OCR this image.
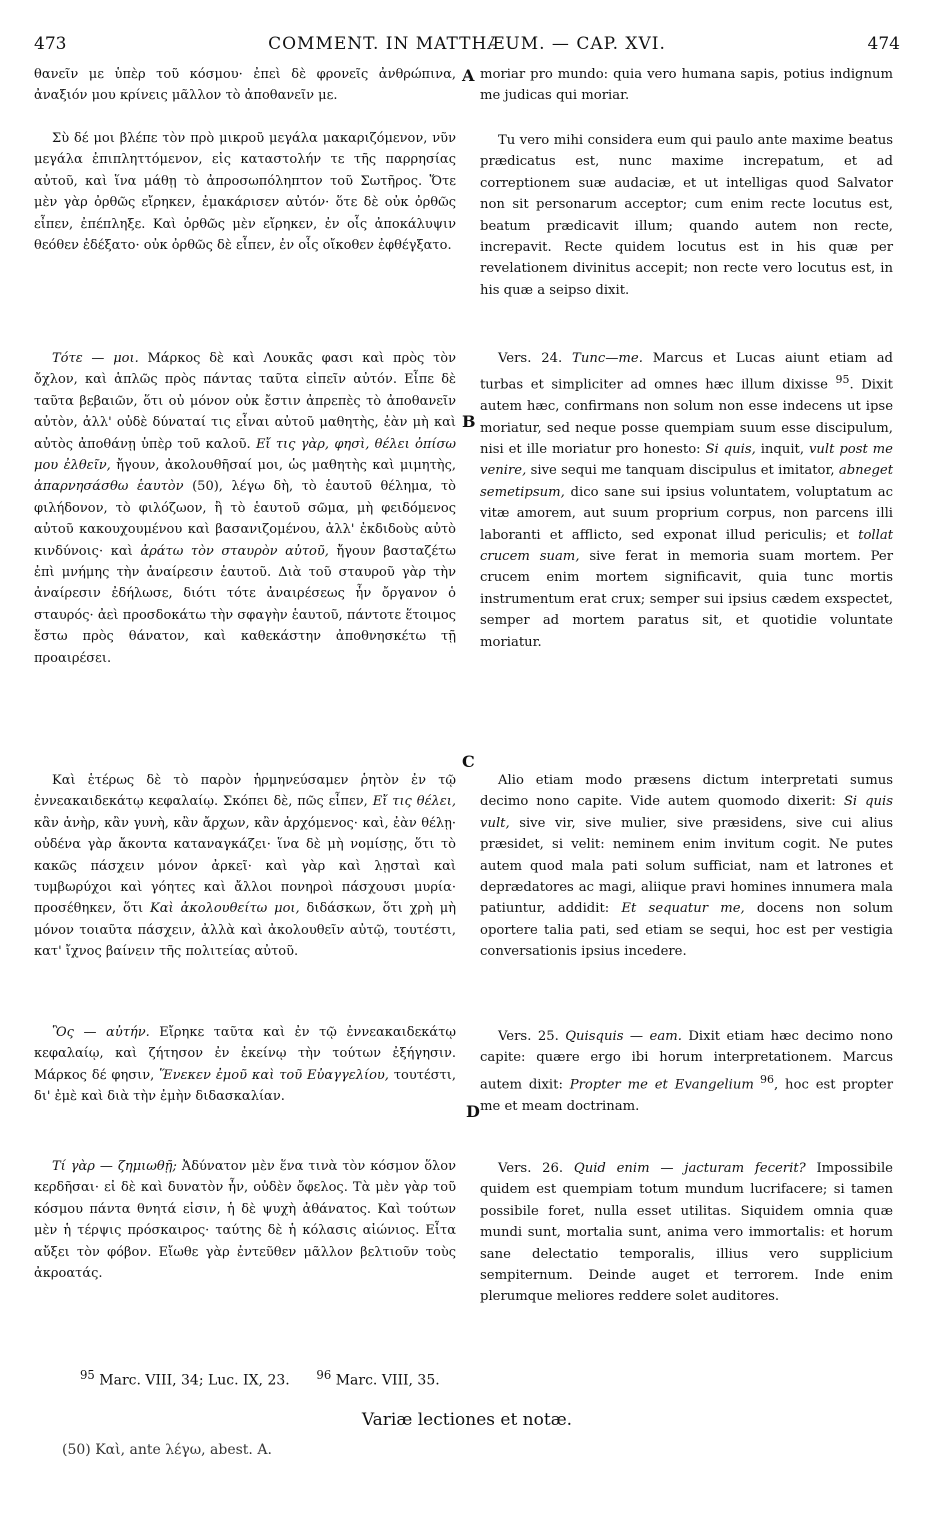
473	COMMENT. IN MATTHÆUM. — CAP. XVI.	474

θανεῖν με ὑπὲρ τοῦ κόσμου· ἐπεὶ δὲ φρονεῖς ἀνθρώπινα, ἀναξιόν μου κρίνεις μᾶλλον τὸ ἀποθανεῖν με.

Σὺ δέ μοι βλέπε τὸν πρὸ μικροῦ μεγάλα μακαριζόμενον, νῦν μεγάλα ἐπιπληττόμενον, εἰς καταστολήν τε τῆς παρρησίας αὐτοῦ, καὶ ἵνα μάθῃ τὸ ἀπροσωπόληπτον τοῦ Σωτῆρος. Ὅτε μὲν γὰρ ὀρθῶς εἴρηκεν, ἐμακάρισεν αὐτόν· ὅτε δὲ οὐκ ὀρθῶς εἶπεν, ἐπέπληξε. Καὶ ὀρθῶς μὲν εἴρηκεν, ἐν οἷς ἀποκάλυψιν θεόθεν ἐδέξατο· οὐκ ὀρθῶς δὲ εἶπεν, ἐν οἷς οἴκοθεν ἐφθέγξατο.

Τότε — μοι. Μάρκος δὲ καὶ Λουκᾶς φασι καὶ πρὸς τὸν ὄχλον, καὶ ἁπλῶς πρὸς πάντας ταῦτα εἰπεῖν αὐτόν. Εἶπε δὲ ταῦτα βεβαιῶν, ὅτι οὐ μόνον οὐκ ἔστιν ἀπρεπὲς τὸ ἀποθανεῖν αὐτὸν, ἀλλ' οὐδὲ δύναταί τις εἶναι αὐτοῦ μαθητὴς, ἐὰν μὴ καὶ αὐτὸς ἀποθάνῃ ὑπὲρ τοῦ καλοῦ. Εἴ τις γὰρ, φησὶ, θέλει ὀπίσω μου ἐλθεῖν, ἤγουν, ἀκολουθῆσαί μοι, ὡς μαθητὴς καὶ μιμητὴς, ἀπαρνησάσθω ἑαυτὸν (50), λέγω δὴ, τὸ ἑαυτοῦ θέλημα, τὸ φιλήδονον, τὸ φιλόζωον, ἢ τὸ ἑαυτοῦ σῶμα, μὴ φειδόμενος αὐτοῦ κακουχουμένου καὶ βασανιζομένου, ἀλλ' ἐκδιδοὺς αὐτὸ κινδύνοις· καὶ ἀράτω τὸν σταυρὸν αὐτοῦ, ἤγουν βασταζέτω ἐπὶ μνήμης τὴν ἀναίρεσιν ἑαυτοῦ. Διὰ τοῦ σταυροῦ γὰρ τὴν ἀναίρεσιν ἐδήλωσε, διότι τότε ἀναιρέσεως ἦν ὄργανον ὁ σταυρός· ἀεὶ προσδοκάτω τὴν σφαγὴν ἑαυτοῦ, πάντοτε ἕτοιμος ἔστω πρὸς θάνατον, καὶ καθεκάστην ἀποθνησκέτω τῇ προαιρέσει.

Καὶ ἑτέρως δὲ τὸ παρὸν ἡρμηνεύσαμεν ῥητὸν ἐν τῷ ἐννεακαιδεκάτῳ κεφαλαίῳ. Σκόπει δὲ, πῶς εἶπεν, Εἴ τις θέλει, κἂν ἀνὴρ, κἂν γυνὴ, κἂν ἄρχων, κἂν ἀρχόμενος· καὶ, ἐὰν θέλῃ· οὐδένα γὰρ ἄκοντα καταναγκάζει· ἵνα δὲ μὴ νομίσῃς, ὅτι τὸ κακῶς πάσχειν μόνον ἀρκεῖ· καὶ γὰρ καὶ λῃσταὶ καὶ τυμβωρύχοι καὶ γόητες καὶ ἄλλοι πονηροὶ πάσχουσι μυρία· προσέθηκεν, ὅτι Καὶ ἀκολουθείτω μοι, διδάσκων, ὅτι χρὴ μὴ μόνον τοιαῦτα πάσχειν, ἀλλὰ καὶ ἀκολουθεῖν αὐτῷ, τουτέστι, κατ' ἴχνος βαίνειν τῆς πολιτείας αὐτοῦ.

Ὃς — αὐτήν. Εἴρηκε ταῦτα καὶ ἐν τῷ ἐννεακαιδεκάτῳ κεφαλαίῳ, καὶ ζήτησον ἐν ἐκείνῳ τὴν τούτων ἐξήγησιν. Μάρκος δέ φησιν, Ἕνεκεν ἐμοῦ καὶ τοῦ Εὐαγγελίου, τουτέστι, δι' ἐμὲ καὶ διὰ τὴν ἐμὴν διδασκαλίαν.

Τί γὰρ — ζημιωθῇ; Ἀδύνατον μὲν ἕνα τινὰ τὸν κόσμον ὅλον κερδῆσαι· εἰ δὲ καὶ δυνατὸν ἦν, οὐδὲν ὄφελος. Τὰ μὲν γὰρ τοῦ κόσμου πάντα θνητά εἰσιν, ἡ δὲ ψυχὴ ἀθάνατος. Καὶ τούτων μὲν ἡ τέρψις πρόσκαιρος· ταύτης δὲ ἡ κόλασις αἰώνιος. Εἶτα αὔξει τὸν φόβον. Εἴωθε γὰρ ἐντεῦθεν μᾶλλον βελτιοῦν τοὺς ἀκροατάς.

A
B
C
D

moriar pro mundo: quia vero humana sapis, potius indignum me judicas qui moriar.

Tu vero mihi considera eum qui paulo ante maxime beatus prædicatus est, nunc maxime increpatum, et ad correptionem suæ audaciæ, et ut intelligas quod Salvator non sit personarum acceptor; cum enim recte locutus est, beatum prædicavit illum; quando autem non recte, increpavit. Recte quidem locutus est in his quæ per revelationem divinitus accepit; non recte vero locutus est, in his quæ a seipso dixit.

Vers. 24. Tunc—me. Marcus et Lucas aiunt etiam ad turbas et simpliciter ad omnes hæc illum dixisse $^{95}$. Dixit autem hæc, confirmans non solum non esse indecens ut ipse moriatur, sed neque posse quempiam suum esse discipulum, nisi et ille moriatur pro honesto: Si quis, inquit, vult post me venire, sive sequi me tanquam discipulus et imitator, abneget semetipsum, dico sane sui ipsius voluntatem, voluptatum ac vitæ amorem, aut suum proprium corpus, non parcens illi laboranti et afflicto, sed exponat illud periculis; et tollat crucem suam, sive ferat in memoria suam mortem. Per crucem enim mortem significavit, quia tunc mortis instrumentum erat crux; semper sui ipsius cædem exspectet, semper ad mortem paratus sit, et quotidie voluntate moriatur.

Alio etiam modo præsens dictum interpretati sumus decimo nono capite. Vide autem quomodo dixerit: Si quis vult, sive vir, sive mulier, sive præsidens, sive cui alius præsidet, si velit: neminem enim invitum cogit. Ne putes autem quod mala pati solum sufficiat, nam et latrones et deprædatores ac magi, aliique pravi homines innumera mala patiuntur, addidit: Et sequatur me, docens non solum oportere talia pati, sed etiam se sequi, hoc est per vestigia conversationis ipsius incedere.

Vers. 25. Quisquis — eam. Dixit etiam hæc decimo nono capite: quære ergo ibi horum interpretationem. Marcus autem dixit: Propter me et Evangelium $^{96}$, hoc est propter me et meam doctrinam.

Vers. 26. Quid enim — jacturam fecerit? Impossibile quidem est quempiam totum mundum lucrifacere; si tamen possibile foret, nulla esset utilitas. Siquidem omnia quæ mundi sunt, mortalia sunt, anima vero immortalis: et horum sane delectatio temporalis, illius vero supplicium sempiternum. Deinde auget et terrorem. Inde enim plerumque meliores reddere solet auditores.

$^{95}$ Marc. VIII, 34; Luc. IX, 23. $^{96}$ Marc. VIII, 35.
Variæ lectiones et notæ.
(50) Καὶ, ante λέγω, abest. A.
